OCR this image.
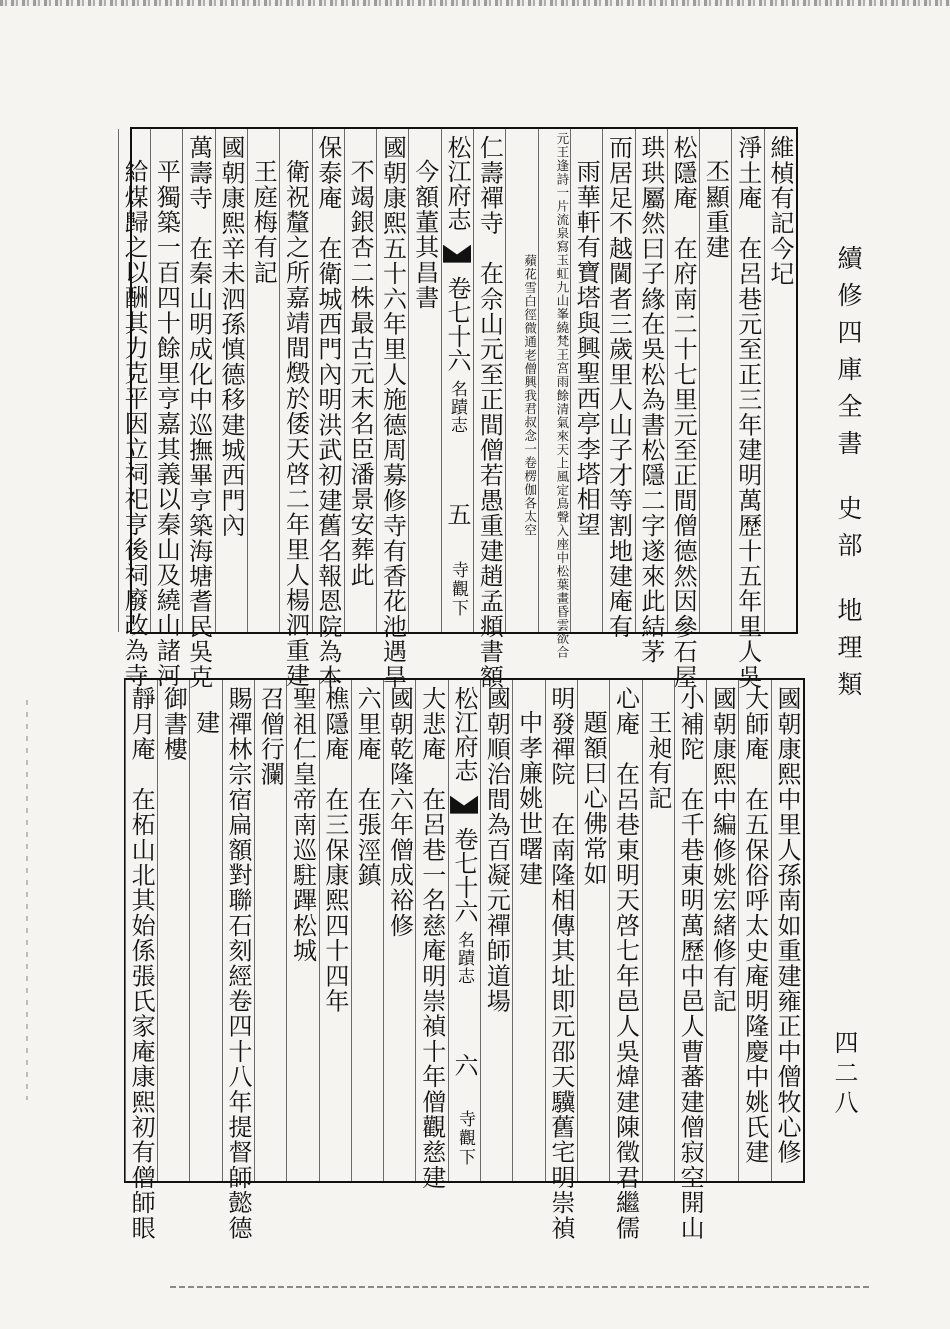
續修四庫全書
史部
地理類
四二八
維楨有記今圮
淨土庵　在呂巷元至正三年建明萬歷十五年里人吳
丕顯重建
松隱庵　在府南二十七里元至正間僧德然因參石屋
珙珙屬然曰子緣在吳松為書松隱二字遂來此結茅
而居足不越閫者三歲里人山子才等割地建庵有
雨華軒有寶塔與興聖西亭李塔相望
元王逢詩一片流泉寫玉虹九山峯繞梵王宮雨
餘清氣來天上風定鳥聲入座中松葉畫昏雲欲合
蘋花雪白徑微通老僧興我
君叔念一卷楞伽各太空
仁壽禪寺　在佘山元至正間僧若愚重建趙孟頫書額
松江府志  卷七十六 名蹟志 五
寺觀下
今額董其昌書
國朝康熙五十六年里人施德周募修寺有香花池遇旱
不竭銀杏二株最古元末名臣潘景安葬此
保泰庵　在衛城西門內明洪武初建舊名報恩院為本
衛祝釐之所嘉靖間燬於倭天啓二年里人楊泗重建
王庭梅有記
國朝康熙辛未泗孫慎德移建城西門內
萬壽寺　在秦山明成化中巡撫畢亨築海塘耆民吳克
平獨築一百四十餘里亨嘉其義以秦山及繞山諸河
給煤歸之以酬其力克平因立祠祀亨後祠廢改為寺
國朝康熙中里人孫南如重建雍正中僧牧心修
大師庵　在五保俗呼太史庵明隆慶中姚氏建
國朝康熙中編修姚宏緒修有記
小補陀　在千巷東明萬歷中邑人曹蕃建僧寂空開山
王昶有記
心庵　在呂巷東明天啓七年邑人吳煒建陳徵君繼儒
題額曰心佛常如
明發禪院　在南隆相傳其址即元邵天驥舊宅明崇禎
中孝廉姚世曙建
國朝順治間為百凝元禪師道場
松江府志  卷七十六 名蹟志 六
寺觀下
大悲庵　在呂巷一名慈庵明崇禎十年僧觀慈建
國朝乾隆六年僧成裕修
六里庵　在張涇鎮
樵隱庵　在三保康熙四十四年
聖祖仁皇帝南巡駐蹕松城
召僧行瀾
賜禪林宗宿扁額對聯石刻經卷四十八年提督師懿德
建
御書樓
靜月庵　在柘山北其始係張氏家庵康熙初有僧師眼
